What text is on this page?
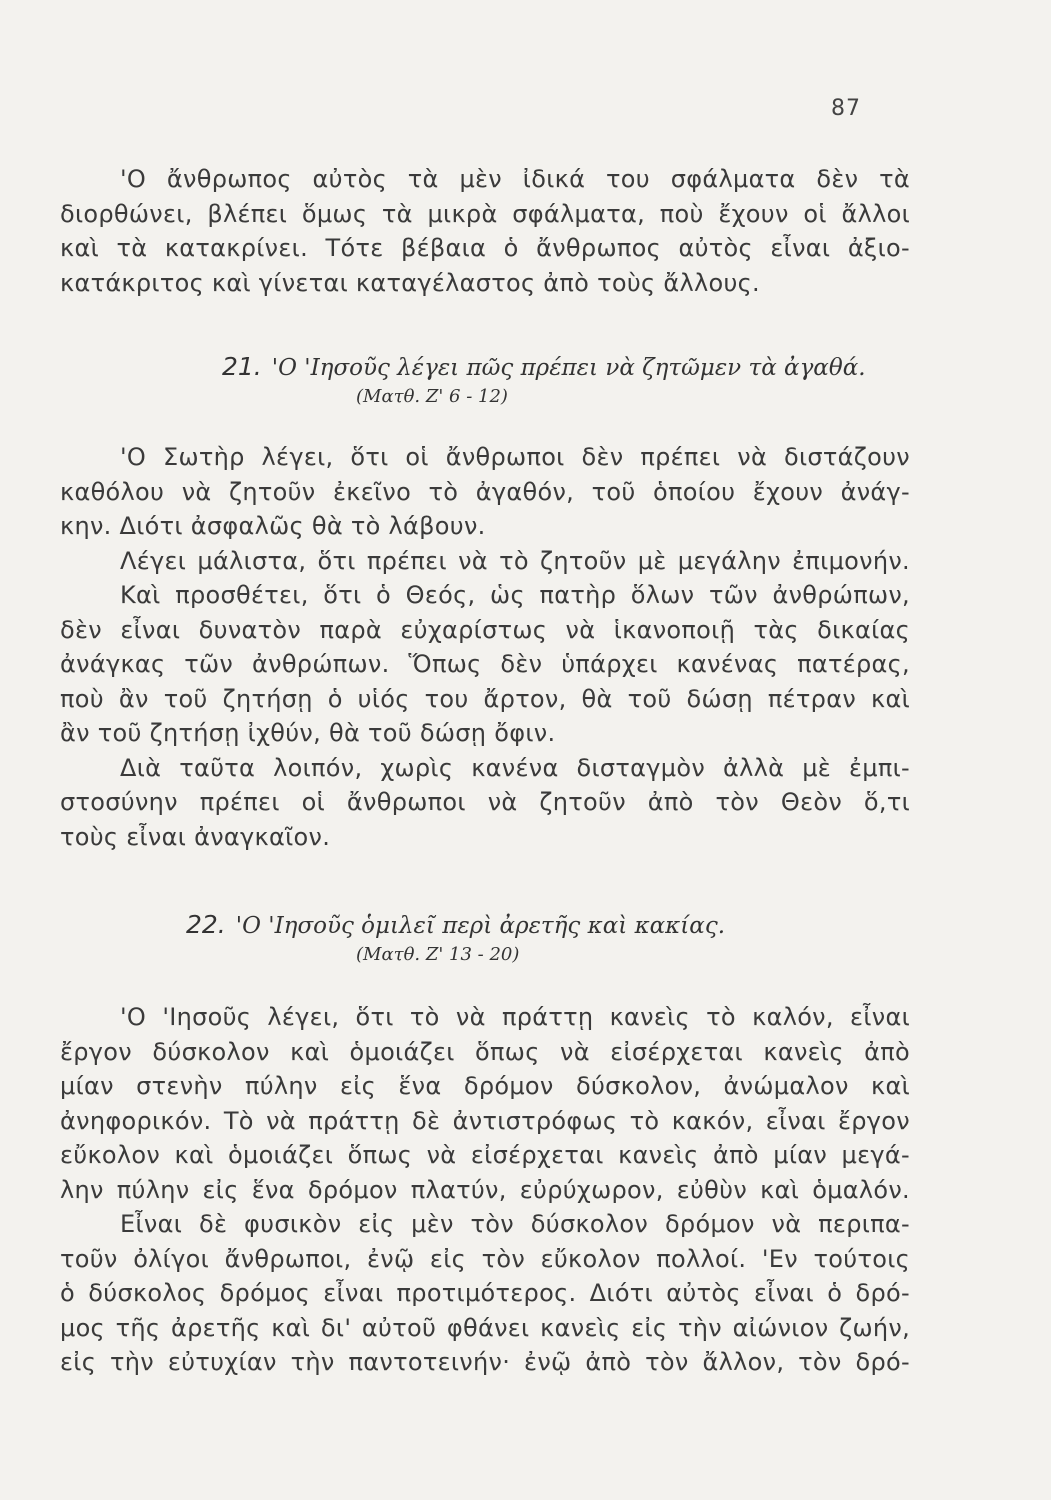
87
'Ο ἄνθρωπος αὐτὸς τὰ μὲν ἰδικά του σφάλματα δὲν τὰ
διορθώνει, βλέπει ὅμως τὰ μικρὰ σφάλματα, ποὺ ἔχουν οἱ ἄλλοι
καὶ τὰ κατακρίνει. Τότε βέβαια ὁ ἄνθρωπος αὐτὸς εἶναι ἀξιο-
κατάκριτος καὶ γίνεται καταγέλαστος ἀπὸ τοὺς ἄλλους.
21. 'Ο 'Ιησοῦς λέγει πῶς πρέπει νὰ ζητῶμεν τὰ ἀγαθά.
(Ματθ. Ζ' 6 - 12)
'Ο Σωτὴρ λέγει, ὅτι οἱ ἄνθρωποι δὲν πρέπει νὰ διστάζουν
καθόλου νὰ ζητοῦν ἐκεῖνο τὸ ἀγαθόν, τοῦ ὁποίου ἔχουν ἀνάγ-
κην. Διότι ἀσφαλῶς θὰ τὸ λάβουν.
Λέγει μάλιστα, ὅτι πρέπει νὰ τὸ ζητοῦν μὲ μεγάλην ἐπιμονήν.
Καὶ προσθέτει, ὅτι ὁ Θεός, ὡς πατὴρ ὅλων τῶν ἀνθρώπων,
δὲν εἶναι δυνατὸν παρὰ εὐχαρίστως νὰ ἱκανοποιῇ τὰς δικαίας
ἀνάγκας τῶν ἀνθρώπων. Ὅπως δὲν ὑπάρχει κανένας πατέρας,
ποὺ ἂν τοῦ ζητήσῃ ὁ υἱός του ἄρτον, θὰ τοῦ δώσῃ πέτραν καὶ
ἂν τοῦ ζητήσῃ ἰχθύν, θὰ τοῦ δώσῃ ὄφιν.
Διὰ ταῦτα λοιπόν, χωρὶς κανένα δισταγμὸν ἀλλὰ μὲ ἐμπι-
στοσύνην πρέπει οἱ ἄνθρωποι νὰ ζητοῦν ἀπὸ τὸν Θεὸν ὅ,τι
τοὺς εἶναι ἀναγκαῖον.
22. 'Ο 'Ιησοῦς ὁμιλεῖ περὶ ἀρετῆς καὶ κακίας.
(Ματθ. Ζ' 13 - 20)
'Ο 'Ιησοῦς λέγει, ὅτι τὸ νὰ πράττῃ κανεὶς τὸ καλόν, εἶναι
ἔργον δύσκολον καὶ ὁμοιάζει ὅπως νὰ εἰσέρχεται κανεὶς ἀπὸ
μίαν στενὴν πύλην εἰς ἕνα δρόμον δύσκολον, ἀνώμαλον καὶ
ἀνηφορικόν. Τὸ νὰ πράττῃ δὲ ἀντιστρόφως τὸ κακόν, εἶναι ἔργον
εὔκολον καὶ ὁμοιάζει ὅπως νὰ εἰσέρχεται κανεὶς ἀπὸ μίαν μεγά-
λην πύλην εἰς ἕνα δρόμον πλατύν, εὐρύχωρον, εὐθὺν καὶ ὁμαλόν.
Εἶναι δὲ φυσικὸν εἰς μὲν τὸν δύσκολον δρόμον νὰ περιπα-
τοῦν ὀλίγοι ἄνθρωποι, ἐνῷ εἰς τὸν εὔκολον πολλοί. 'Εν τούτοις
ὁ δύσκολος δρόμος εἶναι προτιμότερος. Διότι αὐτὸς εἶναι ὁ δρό-
μος τῆς ἀρετῆς καὶ δι' αὐτοῦ φθάνει κανεὶς εἰς τὴν αἰώνιον ζωήν,
εἰς τὴν εὐτυχίαν τὴν παντοτεινήν· ἐνῷ ἀπὸ τὸν ἄλλον, τὸν δρό-
